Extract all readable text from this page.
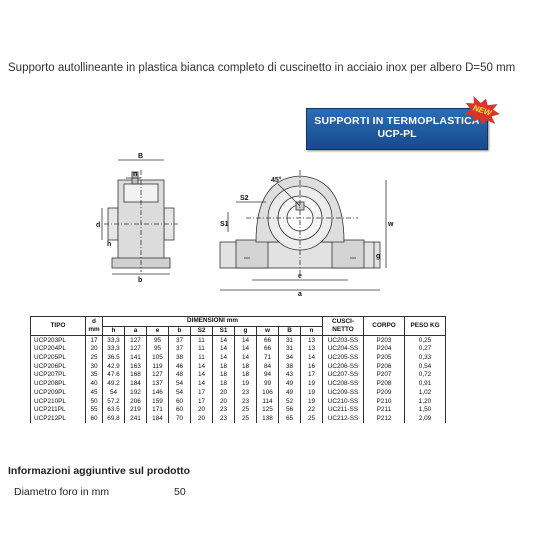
Supporto autollineante in plastica bianca completo di cuscinetto in acciaio inox per albero D=50 mm
SUPPORTI IN TERMOPLASTICA
UCP-PL
NEW
B
n
d
h
b
45°
S2
S1	w
g
e
a
TIPO	d
mm	DIMENSIONI mm										CUSCI-
NETTO	CORPO	PESO KG
		h	a	e	b	S2	S1	g	w	B	n			
UCP203PL	17	33,3	127	95	37	11	14	14	66	31	13	UC203-SS	P203	0,25
UCP204PL	20	33,3	127	95	37	11	14	14	66	31	13	UC204-SS	P204	0,27
UCP205PL	25	36.5	141	105	38	11	14	14	71	34	14	UC205-SS	P205	0,33
UCP206PL	30	42.9	163	119	46	14	18	18	84	38	16	UC206-SS	P206	0,54
UCP207PL	35	47.6	168	127	48	14	18	18	94	43	17	UC207-SS	P207	0,72
UCP208PL	40	49.2	184	137	54	14	18	19	99	49	19	UC208-SS	P208	0,91
UCP209PL	45	54	192	146	54	17	20	23	106	49	19	UC209-SS	P209	1,02
UCP210PL	50	57.2	206	159	60	17	20	23	114	52	19	UC210-SS	P210	1,20
UCP211PL	55	63.5	219	171	60	20	23	25	125	56	22	UC211-SS	P211	1,50
UCP212PL	60	69.8	241	184	70	20	23	25	138	65	25	UC212-SS	P212	2,09
Informazioni aggiuntive sul prodotto
Diametro foro in mm	50
